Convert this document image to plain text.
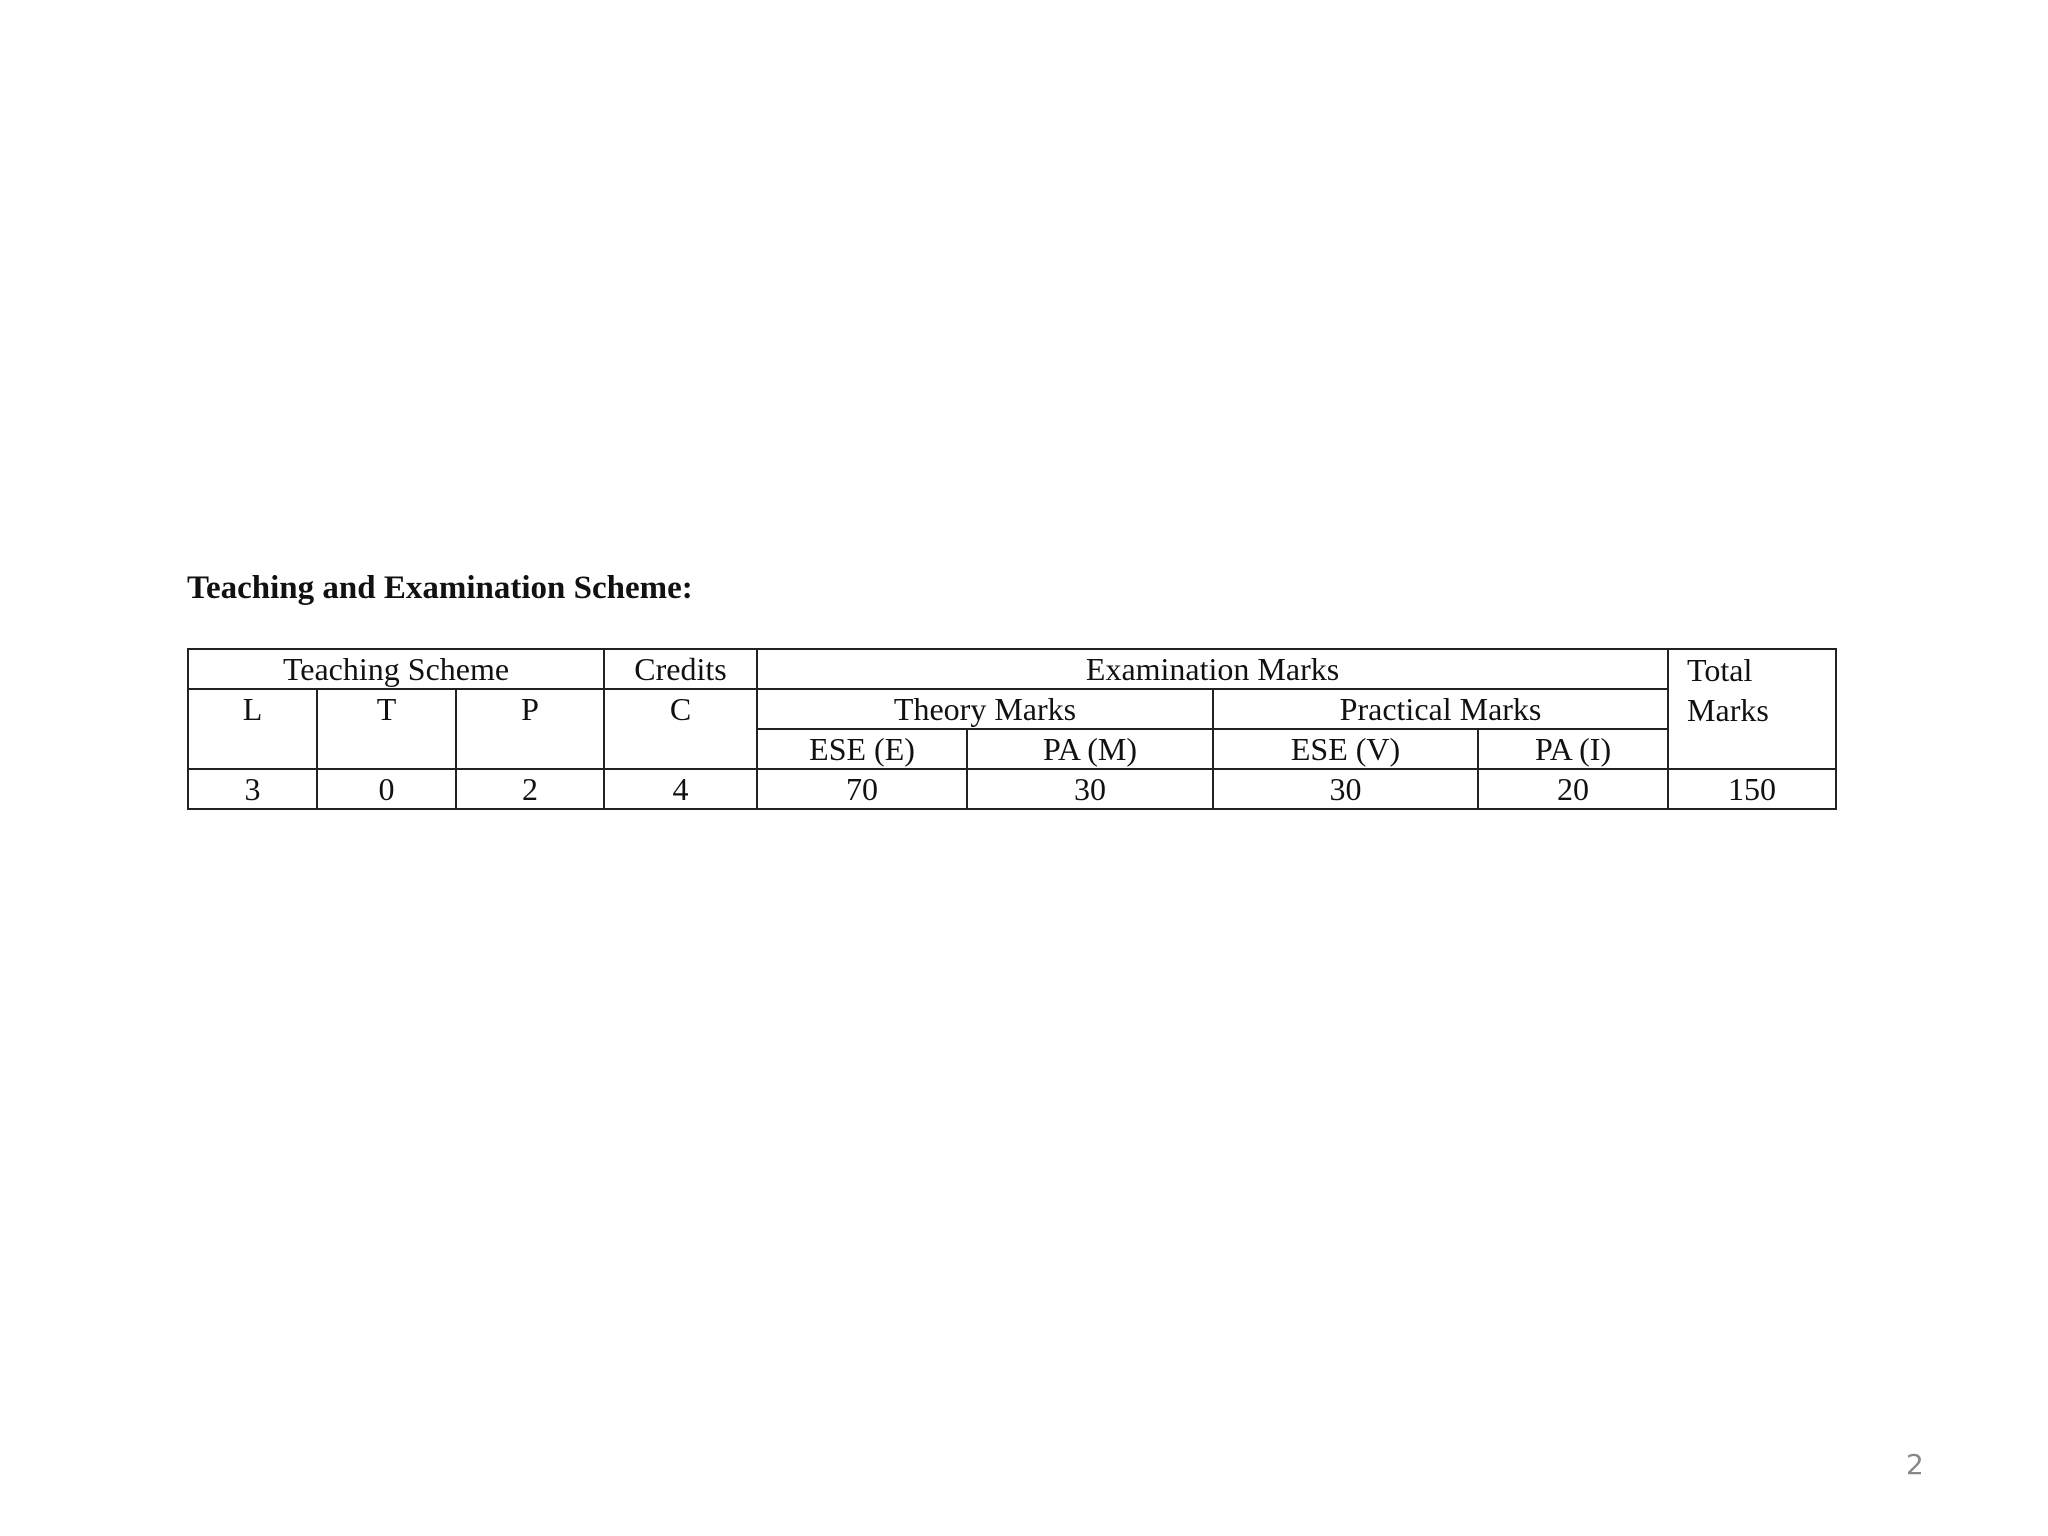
Teaching and Examination Scheme:
Teaching Scheme			Credits	Examination Marks				Total Marks
L	T	P	C	Theory Marks		Practical Marks		
				ESE (E)	PA (M)	ESE (V)	PA (I)	
3	0	2	4	70	30	30	20	150
2
